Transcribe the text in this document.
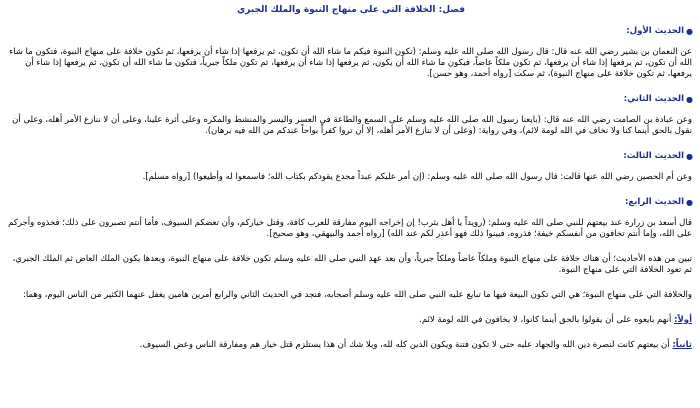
فصل: الخلافة التي على منهاج النبوة والملك الجبري
●
الحديث الأول:
عن النعمان بن بشير رضي الله عنه قال: قال رسول الله صلى الله عليه وسلم: (تكون النبوة فيكم ما شاء الله أن تكون، ثم يرفعها إذا شاء أن يرفعها، ثم تكون خلافة على منهاج النبوة، فتكون ما شاء الله أن تكون، ثم يرفعها إذا شاء أن يرفعها، ثم تكون ملكاً عاضاً، فيكون ما شاء الله أن يكون، ثم يرفعها إذا شاء أن يرفعها، ثم تكون ملكاً جبرياً، فتكون ما شاء الله أن تكون، ثم يرفعها إذا شاء أن يرفعها، ثم تكون خلافة على منهاج النبوة)، ثم سكت [رواه أحمد، وهو حسن].
●
الحديث الثاني:
وعن عبادة بن الصامت رضي الله عنه قال: (بايعنا رسول الله صلى الله عليه وسلم على السمع والطاعة في العسر واليسر والمنشط والمكره وعلى أثرة علينا، وعلى أن لا ننازع الأمر أهله، وعلى أن نقول بالحق أينما كنا ولا نخاف في الله لومة لائم)، وفي رواية: (وعلى أن لا ننازع الأمر أهله، إلا أن تروا كفراً بواحاً عندكم من الله فيه برهان).
●
الحديث الثالث:
وعن أم الحصين رضي الله عنها قالت: قال رسول الله صلى الله عليه وسلم: (إن أمر عليكم عبداً مجدع يقودكم بكتاب الله؛ فاسمعوا له وأطيعوا) [رواه مسلم].
●
الحديث الرابع:
قال أسعد بن زرارة عند بيعتهم للنبي صلى الله عليه وسلم: (رويداً يا أهل يثرب! إن إخراجه اليوم مفارقة للعرب كافة، وقتل خياركم، وأن تعضكم السيوف، فأما أنتم تصبرون على ذلك؛ فخذوه وأجركم على الله، وإما أنتم تخافون من أنفسكم خيفة؛ فذروه، فبينوا ذلك فهو أعذر لكم عند الله) [رواه أحمد والبيهقي، وهو صحيح].
تبين من هذه الأحاديث؛ أن هناك خلافة على منهاج النبوة وملكاً عاضاً وملكاً جبرياً، وأن بعد عهد النبي صلى الله عليه وسلم تكون خلافة على منهاج النبوة، وبعدها يكون الملك العاض ثم الملك الجبري، ثم تعود الخلافة التي على منهاج النبوة.
والخلافة التي على منهاج النبوة؛ هي التي تكون البيعة فيها ما تبايع عليه النبي صلى الله عليه وسلم أصحابه، فنجد في الحديث الثاني والرابع أمرين هامين يغفل عنهما الكثير من الناس اليوم، وهما:
أولاً: أنهم بايعوه على أن يقولوا بالحق أينما كانوا، لا يخافون في الله لومة لائم.
ثانياً: أن بيعتهم كانت لنصرة دين الله والجهاد عليه حتى لا تكون فتنة ويكون الدين كله لله، وبلا شك أن هذا يستلزم قتل خيار هم ومفارقة الناس وعض السيوف.
